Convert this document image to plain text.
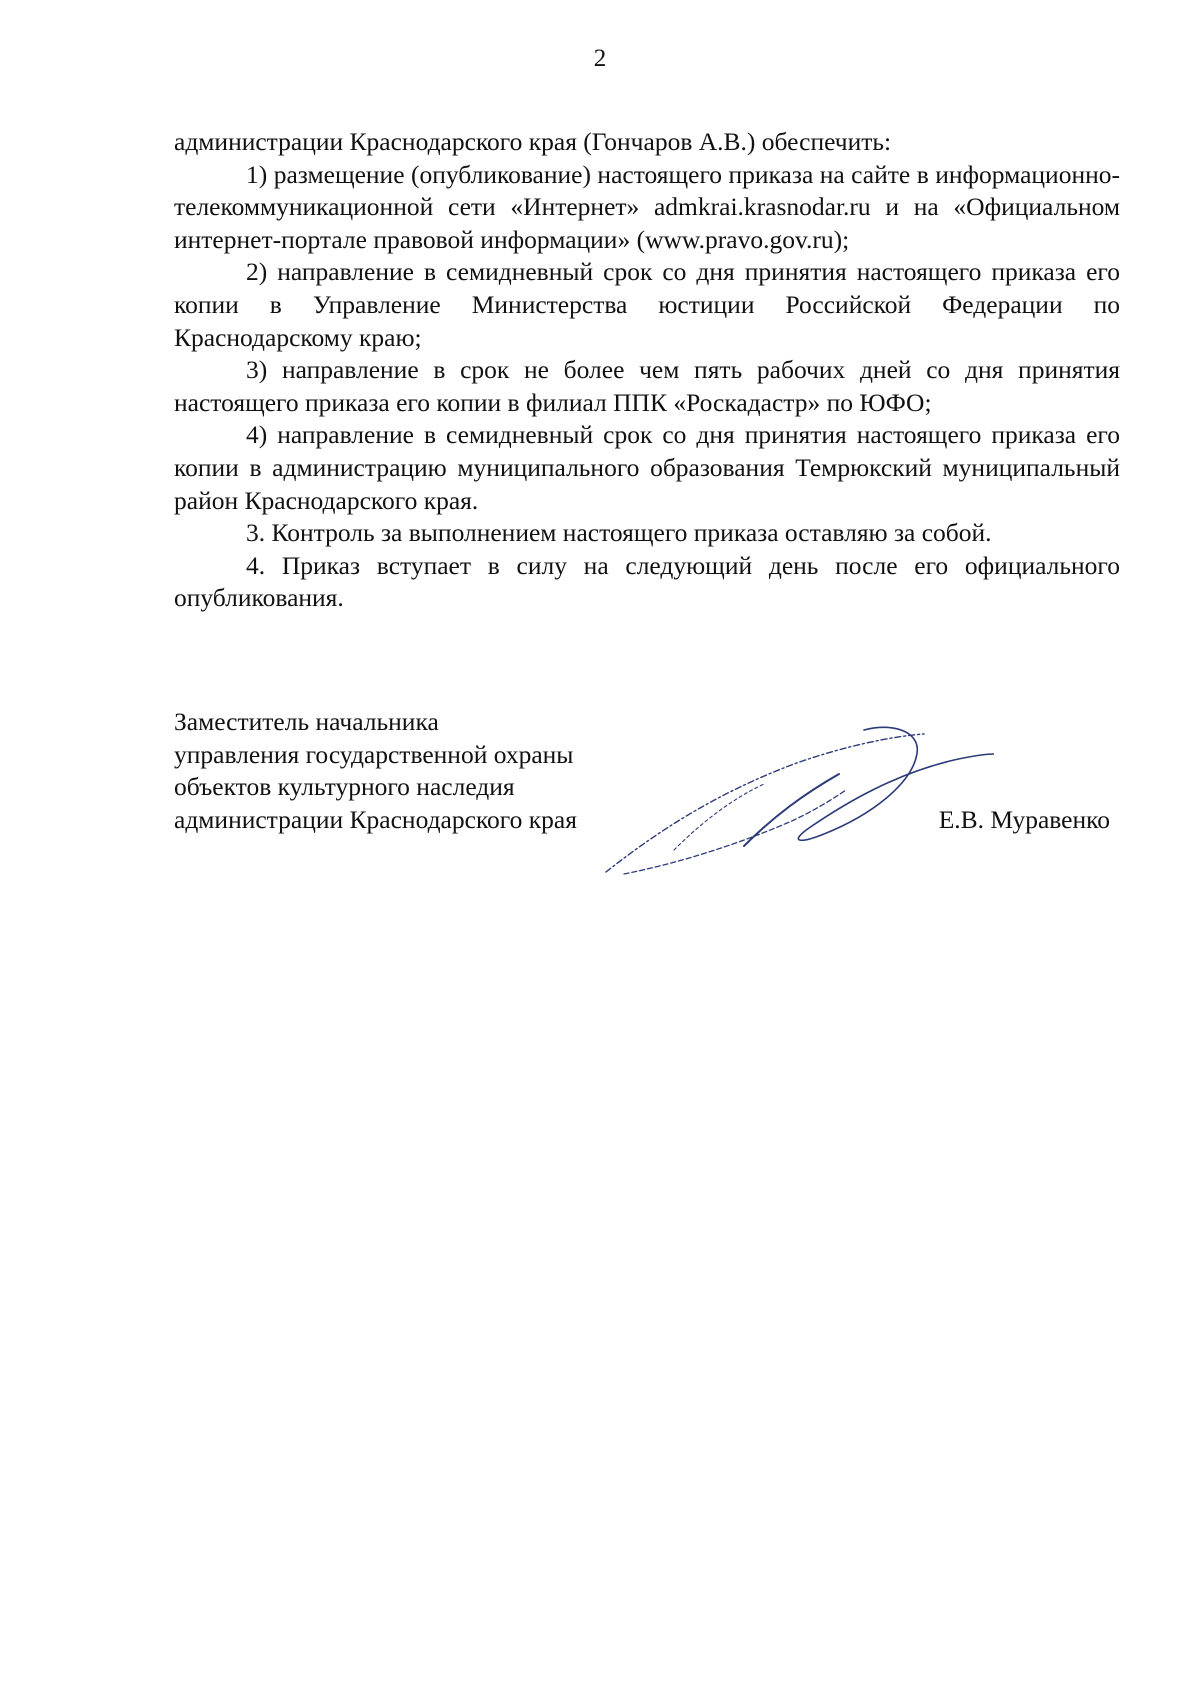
2

администрации Краснодарского края (Гончаров А.В.) обеспечить:

1) размещение (опубликование) настоящего приказа на сайте в информационно-телекоммуникационной сети «Интернет» admkrai.krasnodar.ru и на «Официальном интернет-портале правовой информации» (www.pravo.gov.ru);

2) направление в семидневный срок со дня принятия настоящего приказа его копии в Управление Министерства юстиции Российской Федерации по Краснодарскому краю;

3) направление в срок не более чем пять рабочих дней со дня принятия настоящего приказа его копии в филиал ППК «Роскадастр» по ЮФО;

4) направление в семидневный срок со дня принятия настоящего приказа его копии в администрацию муниципального образования Темрюкский муниципальный район Краснодарского края.

3. Контроль за выполнением настоящего приказа оставляю за собой.

4. Приказ вступает в силу на следующий день после его официального опубликования.

Заместитель начальника
управления государственной охраны
объектов культурного наследия
администрации Краснодарского края	Е.В. Муравенко
